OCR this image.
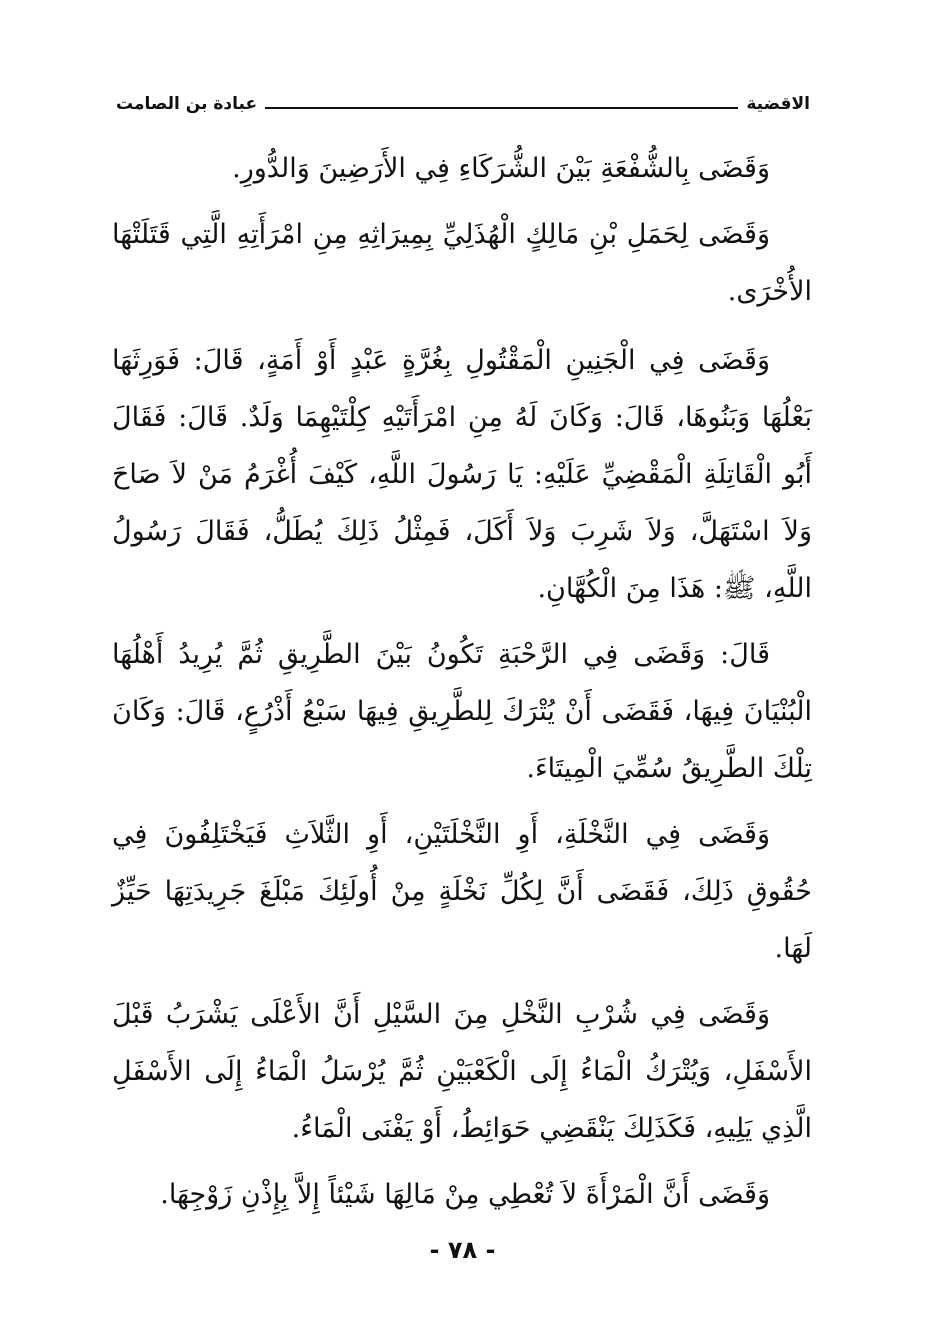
الاقضية
عبادة بن الصامت

وَقَضَى بِالشُّفْعَةِ بَيْنَ الشُّرَكَاءِ فِي الأَرَضِينَ وَالدُّورِ.

وَقَضَى لِحَمَلِ بْنِ مَالِكٍ الْهُذَلِيِّ بِمِيرَاثِهِ مِنِ امْرَأَتِهِ الَّتِي قَتَلَتْهَا الأُخْرَى.

وَقَضَى فِي الْجَنِينِ الْمَقْتُولِ بِغُرَّةٍ عَبْدٍ أَوْ أَمَةٍ، قَالَ: فَوَرِثَهَا بَعْلُهَا وَبَنُوهَا، قَالَ: وَكَانَ لَهُ مِنِ امْرَأَتَيْهِ كِلْتَيْهِمَا وَلَدٌ. قَالَ: فَقَالَ أَبُو الْقَاتِلَةِ الْمَقْضِيِّ عَلَيْهِ: يَا رَسُولَ اللَّهِ، كَيْفَ أُغْرَمُ مَنْ لاَ صَاحَ وَلاَ اسْتَهَلَّ، وَلاَ شَرِبَ وَلاَ أَكَلَ، فَمِثْلُ ذَلِكَ يُطَلُّ، فَقَالَ رَسُولُ اللَّهِ، ﷺ: هَذَا مِنَ الْكُهَّانِ.

قَالَ: وَقَضَى فِي الرَّحْبَةِ تَكُونُ بَيْنَ الطَّرِيقِ ثُمَّ يُرِيدُ أَهْلُهَا الْبُنْيَانَ فِيهَا، فَقَضَى أَنْ يُتْرَكَ لِلطَّرِيقِ فِيهَا سَبْعُ أَذْرُعٍ، قَالَ: وَكَانَ تِلْكَ الطَّرِيقُ سُمِّيَ الْمِيتَاءَ.

وَقَضَى فِي النَّخْلَةِ، أَوِ النَّخْلَتَيْنِ، أَوِ الثَّلاَثِ فَيَخْتَلِفُونَ فِي حُقُوقِ ذَلِكَ، فَقَضَى أَنَّ لِكُلِّ نَخْلَةٍ مِنْ أُولَئِكَ مَبْلَغَ جَرِيدَتِهَا حَيِّزٌ لَهَا.

وَقَضَى فِي شُرْبِ النَّخْلِ مِنَ السَّيْلِ أَنَّ الأَعْلَى يَشْرَبُ قَبْلَ الأَسْفَلِ، وَيُتْرَكُ الْمَاءُ إِلَى الْكَعْبَيْنِ ثُمَّ يُرْسَلُ الْمَاءُ إِلَى الأَسْفَلِ الَّذِي يَلِيهِ، فَكَذَلِكَ يَنْقَضِي حَوَائِطُ، أَوْ يَفْنَى الْمَاءُ.

وَقَضَى أَنَّ الْمَرْأَةَ لاَ تُعْطِي مِنْ مَالِهَا شَيْئاً إِلاَّ بِإِذْنِ زَوْجِهَا.

- ٧٨ -
